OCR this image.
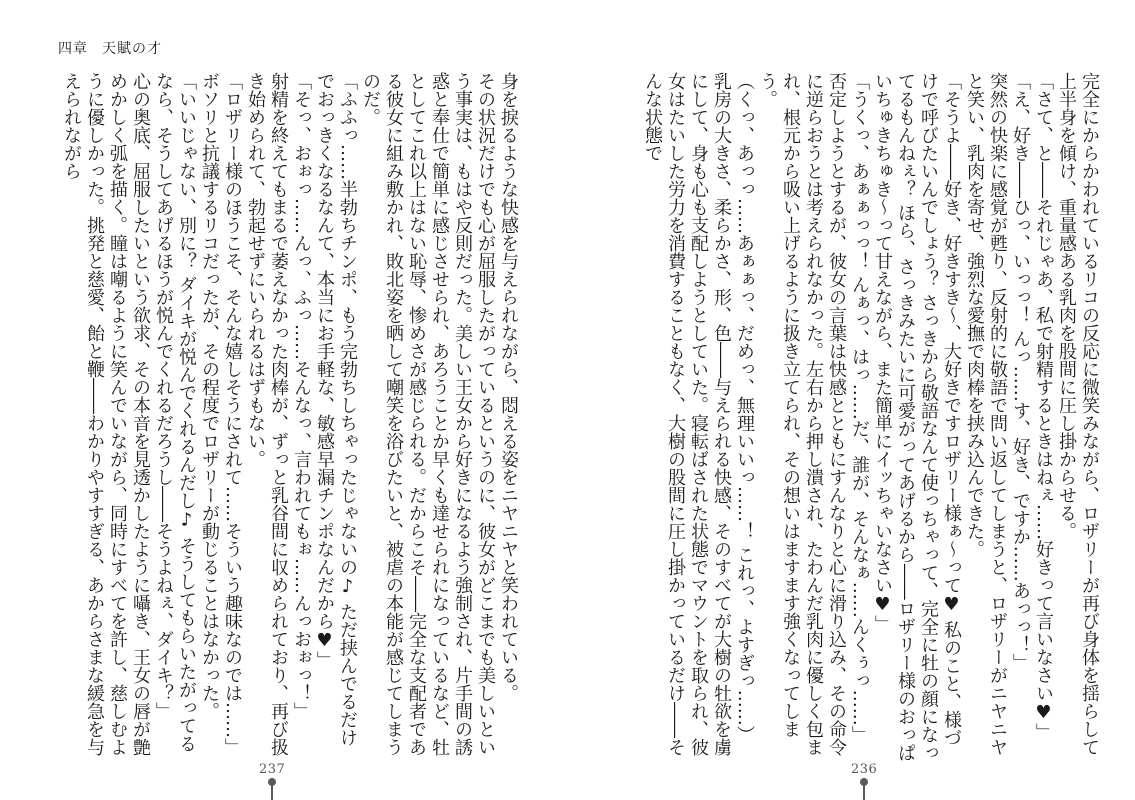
四章 天賦の才

身を捩るような快感を与えられながら、悶える姿をニヤニヤと笑われている。

その状況だけでも心が屈服したがっているというのに、彼女がどこまでも美しいという事実は、もはや反則だった。美しい王女から好きになるよう強制され、片手間の誘惑と奉仕で簡単に感じさせられ、あろうことか早くも達せられになっているなど、牡としてこれ以上はない恥辱、惨めさが感じられる。だからこそ――完全な支配者である彼女に組み敷かれ、敗北姿を晒して嘲笑を浴びたいと、被虐の本能が感じてしまうのだ。

「ふふっ……半勃ちチンポ、もう完勃ちしちゃったじゃないの♪ ただ挟んでるだけでおっきくなるなんて、本当にお手軽な、敏感早漏チンポなんだから♥」

「そっ、おぉっ……んっ、ふっ……そんなっ、言われてもぉ……んっおぉっ！」

射精を終えてもまるで萎えなかった肉棒が、ずっと乳谷間に収められており、再び扱き始められて、勃起せずにいられるはずもない。

「ロザリー様のほうこそ、そんな嬉しそうにされて……そういう趣味なのでは……」

ボソリと抗議するリコだったが、その程度でロザリーが動じることはなかった。

「いいじゃない、別に？ ダイキが悦んでくれるんだし♪ そうしてもらいたがってるなら、そうしてあげるほうが悦んでくれるだろうし――そうよねぇ、ダイキ？」

心の奥底、屈服したいという欲求、その本音を見透かしたように囁き、王女の唇が艶めかしく弧を描く。瞳は嘲るように笑んでいながら、同時にすべてを許し、慈しむように優しかった。挑発と慈愛、飴と鞭――わかりやすすぎる、あからさまな緩急を与えられながら

237

完全にからかわれているリコの反応に微笑みながら、ロザリーが再び身体を揺らして上半身を傾け、重量感ある乳肉を股間に圧し掛からせる。

「さて、と――それじゃあ、私で射精するときはねぇ……好きって言いなさい♥」

「え、好き――ひっ、いっっ！ んっ……す、好き、ですか……あっっ！」

突然の快楽に感覚が甦り、反射的に敬語で問い返してしまうと、ロザリーがニヤニヤと笑い、乳肉を寄せ、強烈な愛撫で肉棒を挟み込んできた。

「そうよ――好き、好きすき～、大好きですロザリー様ぁ～って♥ 私のこと、様づけで呼びたいんでしょう？ さっきから敬語なんて使っちゃって、完全に牡の顔になってるもんねぇ？ ほら、さっきみたいに可愛がってあげるから――ロザリー様のおっぱいちゅきちゅき～って甘えながら、また簡単にイッちゃいなさい♥」

「うくっ、あぁぁっっ！ んぁっ、はっ……だ、誰が、そんなぁ……んくぅっ……」

否定しようとするが、彼女の言葉は快感とともにすんなりと心に滑り込み、その命令に逆らおうとは考えられなかった。左右から押し潰され、たわんだ乳肉に優しく包まれ、根元から吸い上げるように扱き立てられ、その想いはますます強くなってしまう。

（くっ、あっっ……あぁぁっ、だめっ、無理いいっ……！ これっ、よすぎっ……）

乳房の大きさ、柔らかさ、形、色――与えられる快感、そのすべてが大樹の牡欲を虜にして、身も心も支配しようとしていた。寝転ばされた状態でマウントを取られ、彼女はたいした労力を消費することもなく、大樹の股間に圧し掛かっているだけ――そんな状態で

236
